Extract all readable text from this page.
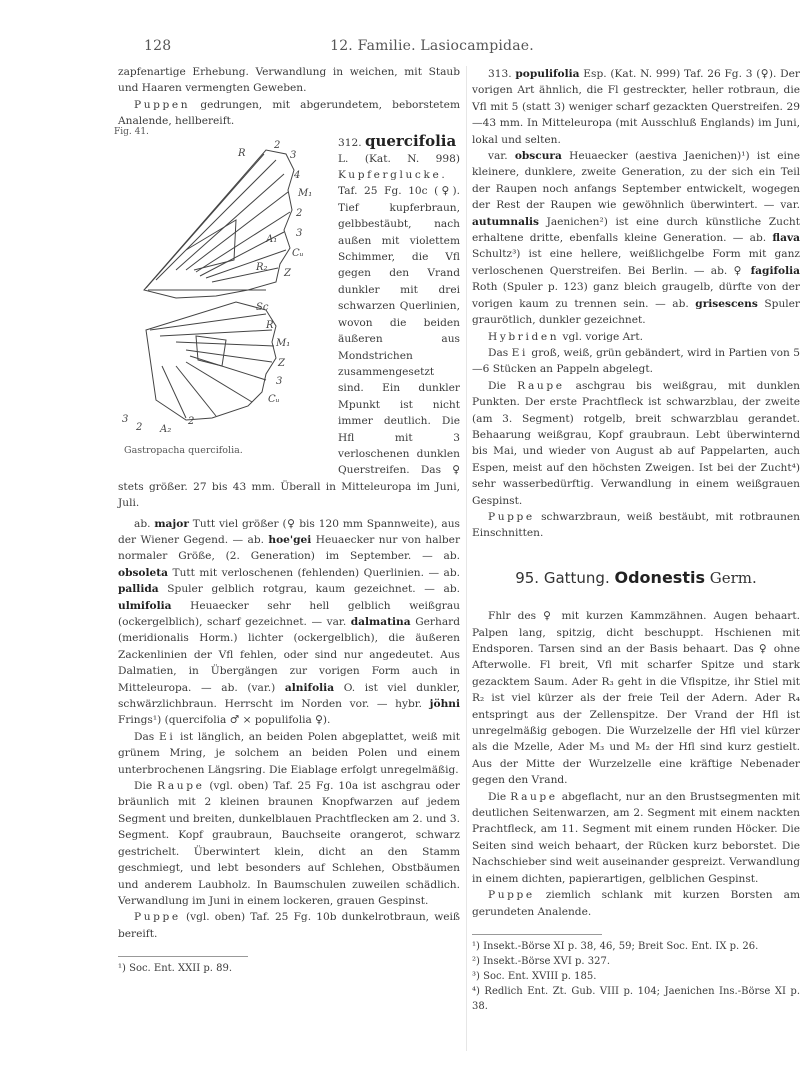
128	12. Familie. Lasiocampidae.

zapfenartige Erhebung. Verwandlung in weichen, mit Staub und Haaren vermengten Geweben.

Puppen gedrungen, mit abgerundetem, beborstetem Analende, hellbereift.

Fig. 41.
R
2
3
4
M₁
2
3
Cᵤ
Z
A₁
R₂
Sc
R
M₁
Z
3
Cᵤ
3
2 A₂
2
Gastropacha quercifolia.
312. quercifolia

L. (Kat. N. 998) Kupferglucke. Taf. 25 Fg. 10c (♀). Tief kupferbraun, gelbbestäubt, nach außen mit violettem Schimmer, die Vfl gegen den Vrand dunkler mit drei schwarzen Querlinien, wovon die beiden äußeren aus Mondstrichen zusammengesetzt sind. Ein dunkler Mpunkt ist nicht immer deutlich. Die Hfl mit 3 verloschenen dunklen Querstreifen. Das ♀ stets größer. 27 bis 43 mm. Überall in Mitteleuropa im Juni, Juli.

ab. major Tutt viel größer (♀ bis 120 mm Spannweite), aus der Wiener Gegend. — ab. hoe'gei Heuaecker nur von halber normaler Größe, (2. Generation) im September. — ab. obsoleta Tutt mit verloschenen (fehlenden) Querlinien. — ab. pallida Spuler gelblich rotgrau, kaum gezeichnet. — ab. ulmifolia Heuaecker sehr hell gelblich weißgrau (ockergelblich), scharf gezeichnet. — var. dalmatina Gerhard (meridionalis Horm.) lichter (ockergelblich), die äußeren Zackenlinien der Vfl fehlen, oder sind nur angedeutet. Aus Dalmatien, in Übergängen zur vorigen Form auch in Mitteleuropa. — ab. (var.) alnifolia O. ist viel dunkler, schwärzlichbraun. Herrscht im Norden vor. — hybr. jöhni Frings¹) (quercifolia ♂ × populifolia ♀).

Das Ei ist länglich, an beiden Polen abgeplattet, weiß mit grünem Mring, je solchem an beiden Polen und einem unterbrochenen Längsring. Die Eiablage erfolgt unregelmäßig.

Die Raupe (vgl. oben) Taf. 25 Fg. 10a ist aschgrau oder bräunlich mit 2 kleinen braunen Knopfwarzen auf jedem Segment und breiten, dunkelblauen Prachtflecken am 2. und 3. Segment. Kopf graubraun, Bauchseite orangerot, schwarz gestrichelt. Überwintert klein, dicht an den Stamm geschmiegt, und lebt besonders auf Schlehen, Obstbäumen und anderem Laubholz. In Baumschulen zuweilen schädlich. Verwandlung im Juni in einem lockeren, grauen Gespinst.

Puppe (vgl. oben) Taf. 25 Fg. 10b dunkelrotbraun, weiß bereift.

¹) Soc. Ent. XXII p. 89.

313. populifolia Esp. (Kat. N. 999) Taf. 26 Fg. 3 (♀). Der vorigen Art ähnlich, die Fl gestreckter, heller rotbraun, die Vfl mit 5 (statt 3) weniger scharf gezackten Querstreifen. 29—43 mm. In Mitteleuropa (mit Ausschluß Englands) im Juni, lokal und selten.

var. obscura Heuaecker (aestiva Jaenichen)¹) ist eine kleinere, dunklere, zweite Generation, zu der sich ein Teil der Raupen noch anfangs September entwickelt, wogegen der Rest der Raupen wie gewöhnlich überwintert. — var. autumnalis Jaenichen²) ist eine durch künstliche Zucht erhaltene dritte, ebenfalls kleine Generation. — ab. flava Schultz³) ist eine hellere, weißlichgelbe Form mit ganz verloschenen Querstreifen. Bei Berlin. — ab. ♀ fagifolia Roth (Spuler p. 123) ganz bleich graugelb, dürfte von der vorigen kaum zu trennen sein. — ab. grisescens Spuler graurötlich, dunkler gezeichnet.

Hybriden vgl. vorige Art.

Das Ei groß, weiß, grün gebändert, wird in Partien von 5—6 Stücken an Pappeln abgelegt.

Die Raupe aschgrau bis weißgrau, mit dunklen Punkten. Der erste Prachtfleck ist schwarzblau, der zweite (am 3. Segment) rotgelb, breit schwarzblau gerandet. Behaarung weißgrau, Kopf graubraun. Lebt überwinternd bis Mai, und wieder von August ab auf Pappelarten, auch Espen, meist auf den höchsten Zweigen. Ist bei der Zucht⁴) sehr wasserbedürftig. Verwandlung in einem weißgrauen Gespinst.

Puppe schwarzbraun, weiß bestäubt, mit rotbraunen Einschnitten.

95. Gattung. Odonestis Germ.

Fhlr des ♀ mit kurzen Kammzähnen. Augen behaart. Palpen lang, spitzig, dicht beschuppt. Hschienen mit Endsporen. Tarsen sind an der Basis behaart. Das ♀ ohne Afterwolle. Fl breit, Vfl mit scharfer Spitze und stark gezacktem Saum. Ader R₃ geht in die Vflspitze, ihr Stiel mit R₂ ist viel kürzer als der freie Teil der Adern. Ader R₄ entspringt aus der Zellenspitze. Der Vrand der Hfl ist unregelmäßig gebogen. Die Wurzelzelle der Hfl viel kürzer als die Mzelle, Ader M₃ und M₂ der Hfl sind kurz gestielt. Aus der Mitte der Wurzelzelle eine kräftige Nebenader gegen den Vrand.

Die Raupe abgeflacht, nur an den Brustsegmenten mit deutlichen Seitenwarzen, am 2. Segment mit einem nackten Prachtfleck, am 11. Segment mit einem runden Höcker. Die Seiten sind weich behaart, der Rücken kurz beborstet. Die Nachschieber sind weit auseinander gespreizt. Verwandlung in einem dichten, papierartigen, gelblichen Gespinst.

Puppe ziemlich schlank mit kurzen Borsten am gerundeten Analende.

¹) Insekt.-Börse XI p. 38, 46, 59; Breit Soc. Ent. IX p. 26.

²) Insekt.-Börse XVI p. 327.

³) Soc. Ent. XVIII p. 185.

⁴) Redlich Ent. Zt. Gub. VIII p. 104; Jaenichen Ins.-Börse XI p. 38.
